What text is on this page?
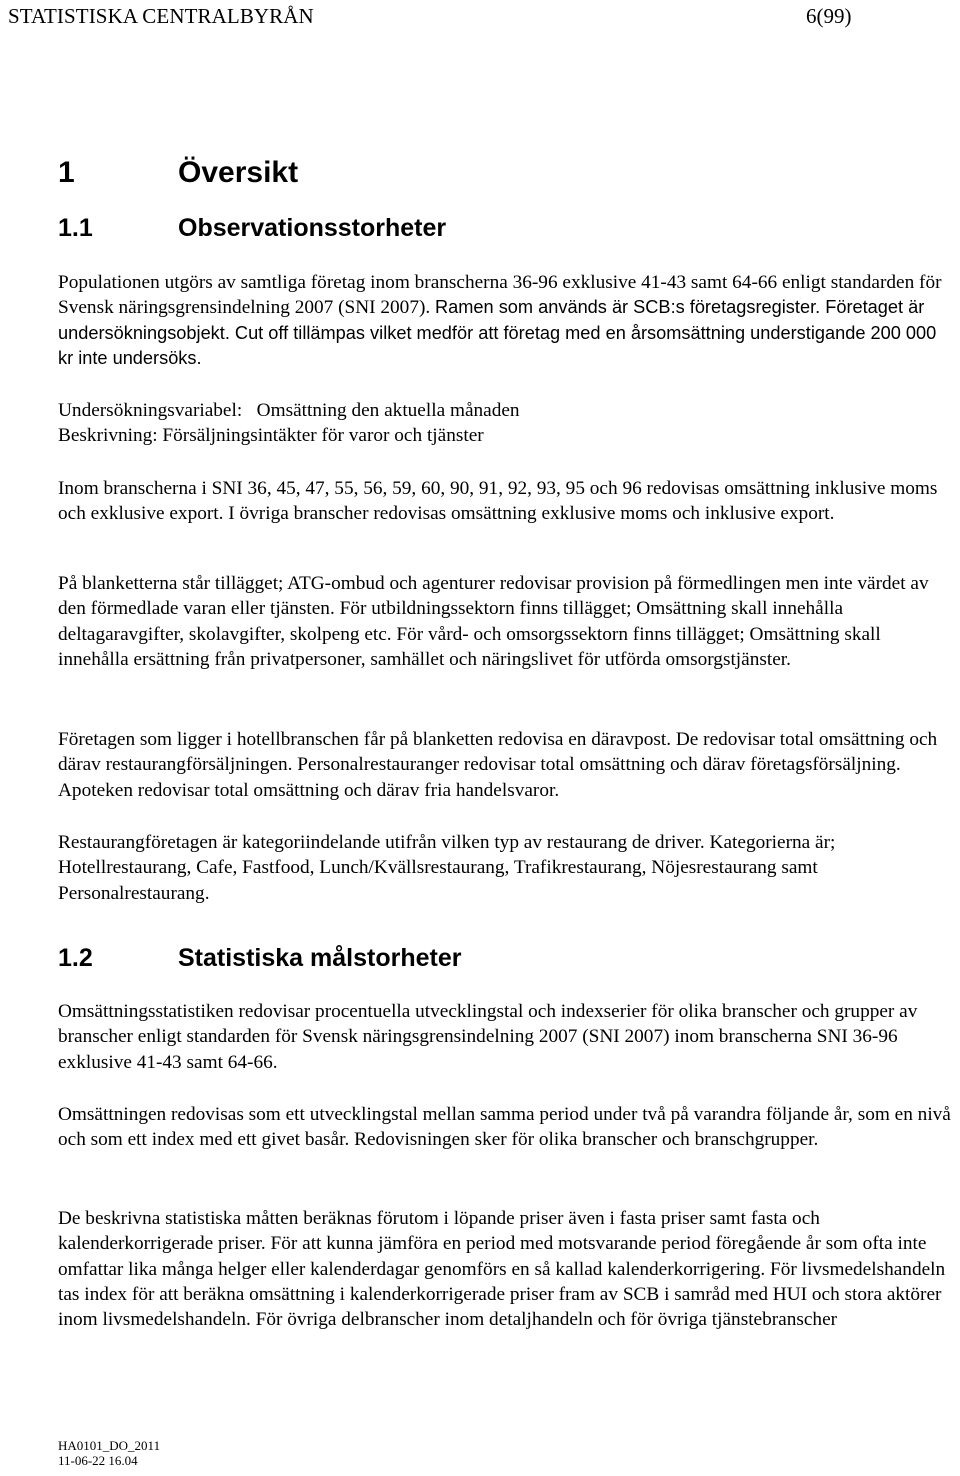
STATISTISKA CENTRALBYRÅN	6(99)
1	Översikt
1.1	Observationsstorheter

Populationen utgörs av samtliga företag inom branscherna 36-96 exklusive 41-43 samt 64-66 enligt standarden för Svensk näringsgrensindelning 2007 (SNI 2007). Ramen som används är SCB:s företagsregister. Företaget är undersökningsobjekt. Cut off tillämpas vilket medför att företag med en årsomsättning understigande 200 000 kr inte undersöks.

Undersökningsvariabel:   Omsättning den aktuella månaden
Beskrivning: Försäljningsintäkter för varor och tjänster

Inom branscherna i SNI 36, 45, 47, 55, 56, 59, 60, 90, 91, 92, 93, 95 och 96 redovisas omsättning inklusive moms och exklusive export. I övriga branscher redovisas omsättning exklusive moms och inklusive export.

På blanketterna står tillägget; ATG-ombud och agenturer redovisar provision på förmedlingen men inte värdet av den förmedlade varan eller tjänsten. För utbildningssektorn finns tillägget; Omsättning skall innehålla deltagaravgifter, skolavgifter, skolpeng etc. För vård- och omsorgssektorn finns tillägget; Omsättning skall innehålla ersättning från privatpersoner, samhället och näringslivet för utförda omsorgstjänster.

Företagen som ligger i hotellbranschen får på blanketten redovisa en däravpost. De redovisar total omsättning och därav restaurangförsäljningen. Personalrestauranger redovisar total omsättning och därav företagsförsäljning. Apoteken redovisar total omsättning och därav fria handelsvaror.

Restaurangföretagen är kategoriindelande utifrån vilken typ av restaurang de driver. Kategorierna är; Hotellrestaurang, Cafe, Fastfood, Lunch/Kvällsrestaurang, Trafikrestaurang, Nöjesrestaurang samt Personalrestaurang.

1.2	Statistiska målstorheter

Omsättningsstatistiken redovisar procentuella utvecklingstal och indexserier för olika branscher och grupper av branscher enligt standarden för Svensk näringsgrensindelning 2007 (SNI 2007) inom branscherna SNI 36-96 exklusive 41-43 samt 64-66.

Omsättningen redovisas som ett utvecklingstal mellan samma period under två på varandra följande år, som en nivå och som ett index med ett givet basår. Redovisningen sker för olika branscher och branschgrupper.

De beskrivna statistiska måtten beräknas förutom i löpande priser även i fasta priser samt fasta och kalenderkorrigerade priser. För att kunna jämföra en period med motsvarande period föregående år som ofta inte omfattar lika många helger eller kalenderdagar genomförs en så kallad kalenderkorrigering. För livsmedelshandeln tas index för att beräkna omsättning i kalenderkorrigerade priser fram av SCB i samråd med HUI och stora aktörer inom livsmedelshandeln. För övriga delbranscher inom detaljhandeln och för övriga tjänstebranscher

HA0101_DO_2011
11-06-22 16.04
